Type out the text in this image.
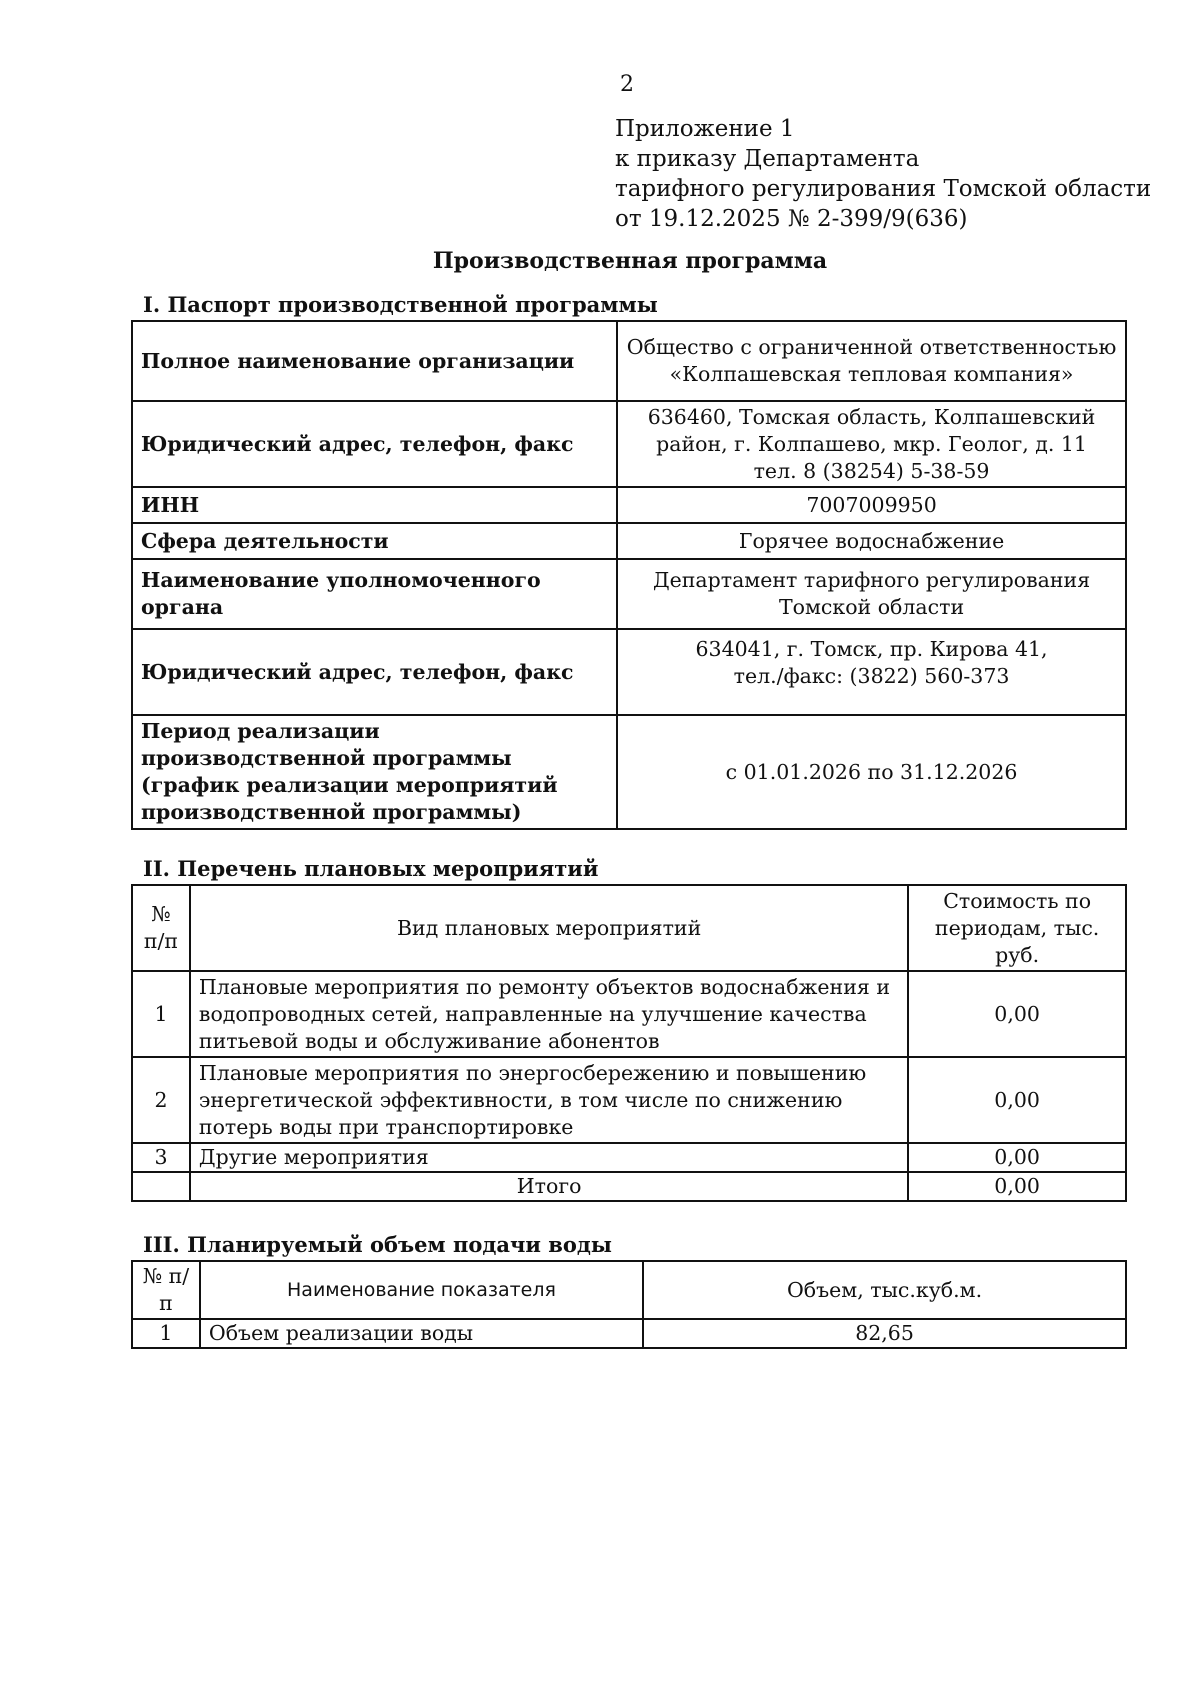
2
Приложение 1
к приказу Департамента
тарифного регулирования Томской области
от 19.12.2025 № 2-399/9(636)
Производственная программа
I. Паспорт производственной программы
Полное наименование организации	Общество с ограниченной ответственностью
«Колпашевская тепловая компания»

Юридический адрес, телефон, факс	636460, Томская область, Колпашевский
район, г. Колпашево, мкр. Геолог, д. 11
тел. 8 (38254) 5-38-59

ИНН	7007009950
Сфера деятельности	Горячее водоснабжение
Наименование уполномоченного органа	Департамент тарифного регулирования
Томской области

Юридический адрес, телефон, факс	634041, г. Томск, пр. Кирова 41,
тел./факс: (3822) 560-373

Период реализации производственной программы (график реализации мероприятий производственной программы)	с 01.01.2026 по 31.12.2026
II. Перечень плановых мероприятий
№ п/п	Вид плановых мероприятий	Стоимость по периодам, тыс. руб.
1	Плановые мероприятия по ремонту объектов водоснабжения и водопроводных сетей, направленные на улучшение качества питьевой воды и обслуживание абонентов	0,00
2	Плановые мероприятия по энергосбережению и повышению энергетической эффективности, в том числе по снижению потерь воды при транспортировке	0,00
3	Другие мероприятия	0,00
	Итого	0,00
III. Планируемый объем подачи воды
№ п/п	Наименование показателя	Объем, тыс.куб.м.
1	Объем реализации воды	82,65
